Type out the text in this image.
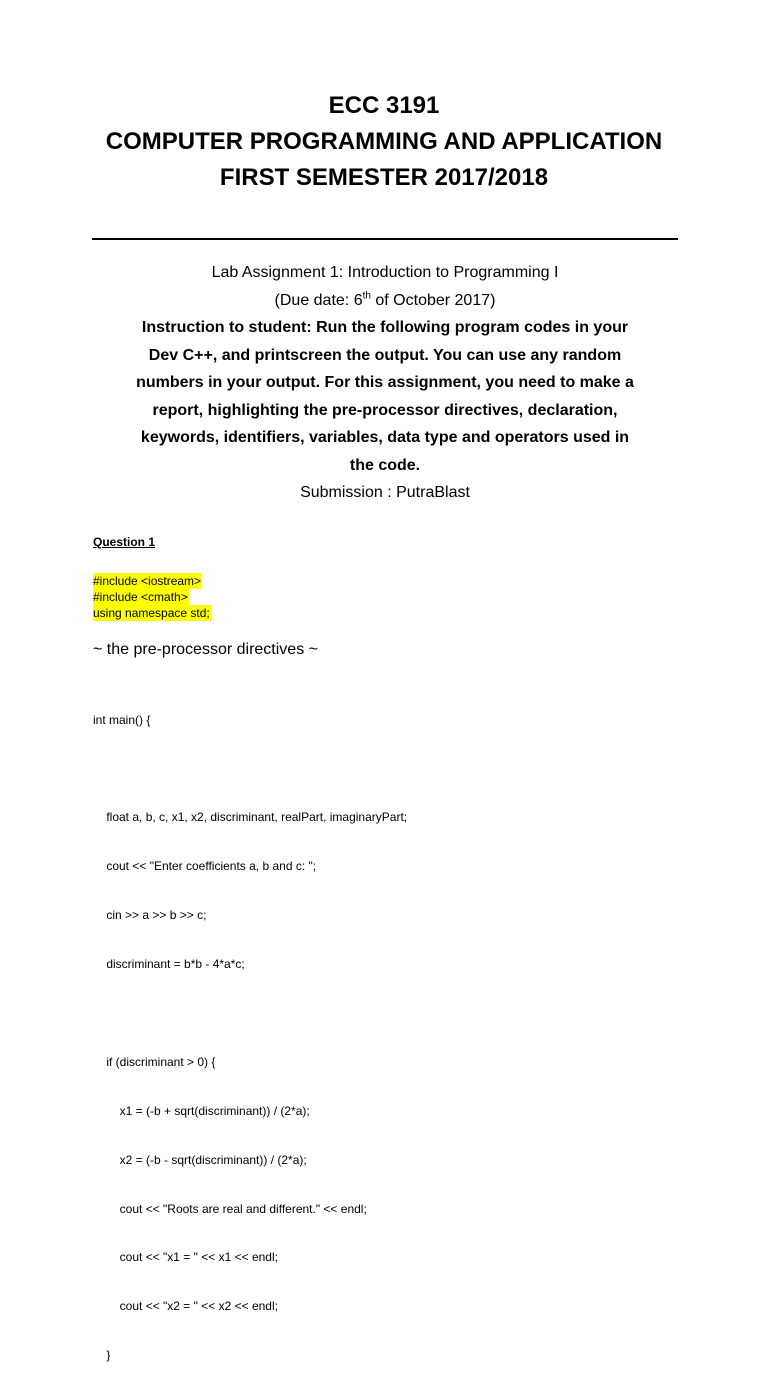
ECC 3191
COMPUTER PROGRAMMING AND APPLICATION
FIRST SEMESTER 2017/2018
Lab Assignment 1: Introduction to Programming I
(Due date: 6th of October 2017)
Instruction to student: Run the following program codes in your
Dev C++, and printscreen the output. You can use any random
numbers in your output. For this assignment, you need to make a
report, highlighting the pre-processor directives, declaration,
keywords, identifiers, variables, data type and operators used in
the code.
Submission : PutraBlast
Question 1
#include <iostream>
#include <cmath>
using namespace std;
~ the pre-processor directives ~

int main() {

float a, b, c, x1, x2, discriminant, realPart, imaginaryPart;

cout << "Enter coefficients a, b and c: ";

cin >> a >> b >> c;

discriminant = b*b - 4*a*c;

if (discriminant > 0) {

x1 = (-b + sqrt(discriminant)) / (2*a);

x2 = (-b - sqrt(discriminant)) / (2*a);

cout << "Roots are real and different." << endl;

cout << "x1 = " << x1 << endl;

cout << "x2 = " << x2 << endl;

}
